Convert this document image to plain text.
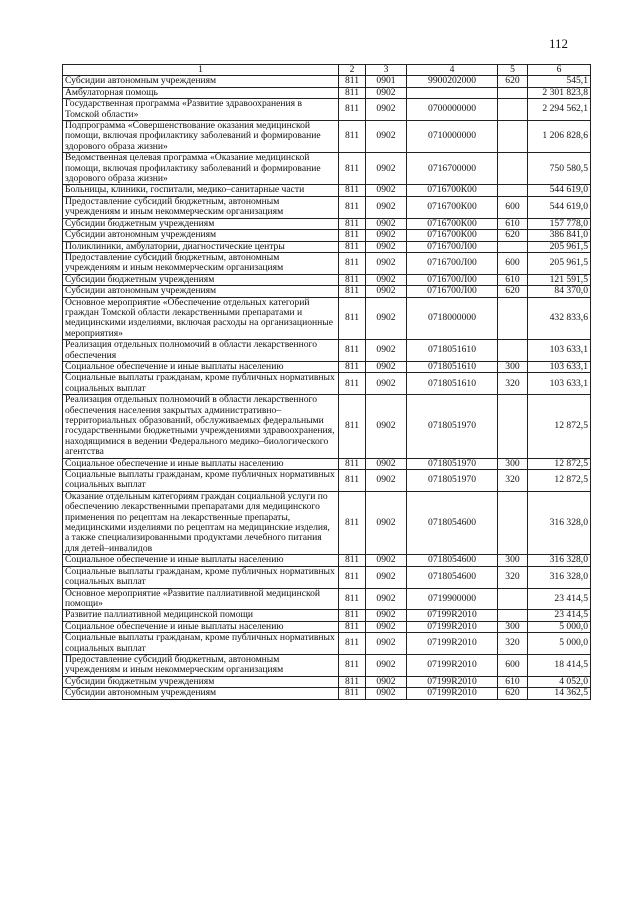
112
1	2	3	4	5	6
Субсидии автономным учреждениям	811	0901	9900202000	620	545,1
Амбулаторная помощь	811	0902			2 301 823,8
Государственная программа «Развитие здравоохранения в Томской области»	811	0902	0700000000		2 294 562,1
Подпрограмма «Совершенствование оказания медицинской помощи, включая профилактику заболеваний и формирование здорового образа жизни»	811	0902	0710000000		1 206 828,6
Ведомственная целевая программа «Оказание медицинской помощи, включая профилактику заболеваний и формирование здорового образа жизни»	811	0902	0716700000		750 580,5
Больницы, клиники, госпитали, медико–санитарные части	811	0902	0716700К00		544 619,0
Предоставление субсидий бюджетным, автономным учреждениям и иным некоммерческим организациям	811	0902	0716700К00	600	544 619,0
Субсидии бюджетным учреждениям	811	0902	0716700К00	610	157 778,0
Субсидии автономным учреждениям	811	0902	0716700К00	620	386 841,0
Поликлиники, амбулатории, диагностические центры	811	0902	0716700Л00		205 961,5
Предоставление субсидий бюджетным, автономным учреждениям и иным некоммерческим организациям	811	0902	0716700Л00	600	205 961,5
Субсидии бюджетным учреждениям	811	0902	0716700Л00	610	121 591,5
Субсидии автономным учреждениям	811	0902	0716700Л00	620	84 370,0
Основное мероприятие «Обеспечение отдельных категорий граждан Томской области лекарственными препаратами и медицинскими изделиями, включая расходы на организационные мероприятия»	811	0902	0718000000		432 833,6
Реализация отдельных полномочий в области лекарственного обеспечения	811	0902	0718051610		103 633,1
Социальное обеспечение и иные выплаты населению	811	0902	0718051610	300	103 633,1
Социальные выплаты гражданам, кроме публичных нормативных социальных выплат	811	0902	0718051610	320	103 633,1
Реализация отдельных полномочий в области лекарственного обеспечения населения закрытых административно–территориальных образований, обслуживаемых федеральными государственными бюджетными учреждениями здравоохранения, находящимися в ведении Федерального медико–биологического агентства	811	0902	0718051970		12 872,5
Социальное обеспечение и иные выплаты населению	811	0902	0718051970	300	12 872,5
Социальные выплаты гражданам, кроме публичных нормативных социальных выплат	811	0902	0718051970	320	12 872,5
Оказание отдельным категориям граждан социальной услуги по обеспечению лекарственными препаратами для медицинского применения по рецептам на лекарственные препараты, медицинскими изделиями по рецептам на медицинские изделия, а также специализированными продуктами лечебного питания для детей–инвалидов	811	0902	0718054600		316 328,0
Социальное обеспечение и иные выплаты населению	811	0902	0718054600	300	316 328,0
Социальные выплаты гражданам, кроме публичных нормативных социальных выплат	811	0902	0718054600	320	316 328,0
Основное мероприятие «Развитие паллиативной медицинской помощи»	811	0902	0719900000		23 414,5
Развитие паллиативной медицинской помощи	811	0902	07199R2010		23 414,5
Социальное обеспечение и иные выплаты населению	811	0902	07199R2010	300	5 000,0
Социальные выплаты гражданам, кроме публичных нормативных социальных выплат	811	0902	07199R2010	320	5 000,0
Предоставление субсидий бюджетным, автономным учреждениям и иным некоммерческим организациям	811	0902	07199R2010	600	18 414,5
Субсидии бюджетным учреждениям	811	0902	07199R2010	610	4 052,0
Субсидии автономным учреждениям	811	0902	07199R2010	620	14 362,5
